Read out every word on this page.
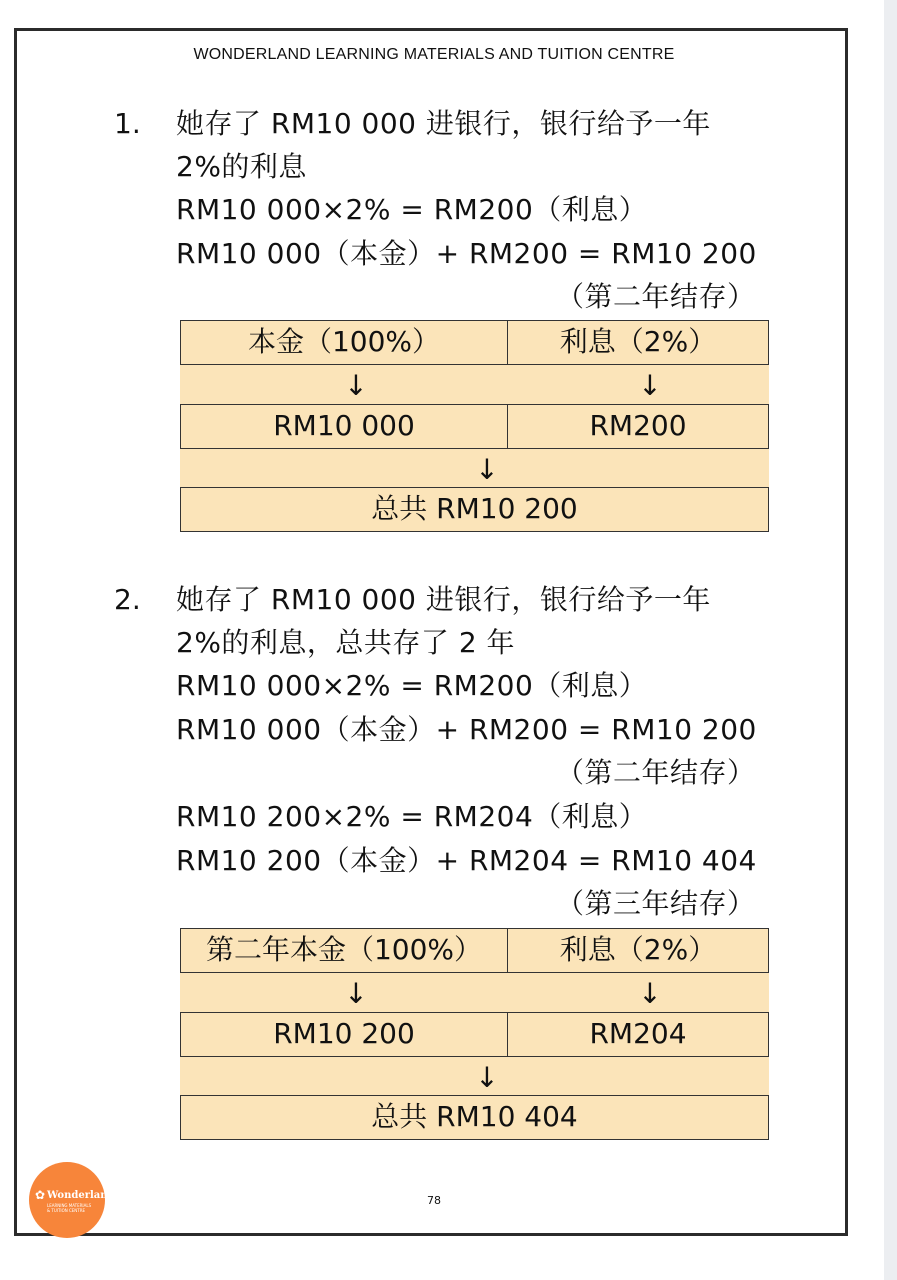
WONDERLAND LEARNING MATERIALS AND TUITION CENTRE
1. 她存了 RM10 000 进银行，银行给予一年
2%的利息
RM10 000×2% = RM200（利息）
RM10 000（本金）+ RM200 = RM10 200
（第二年结存）
本金（100%）	利息（2%）
↓	↓
RM10 000	RM200
↓
总共 RM10 200
2. 她存了 RM10 000 进银行，银行给予一年
2%的利息，总共存了 2 年
RM10 000×2% = RM200（利息）
RM10 000（本金）+ RM200 = RM10 200
（第二年结存）
RM10 200×2% = RM204（利息）
RM10 200（本金）+ RM204 = RM10 404
（第三年结存）
第二年本金（100%）	利息（2%）
↓	↓
RM10 200	RM204
↓
总共 RM10 404
✿ Wonderland
LEARNING MATERIALS & TUITION CENTRE
78
